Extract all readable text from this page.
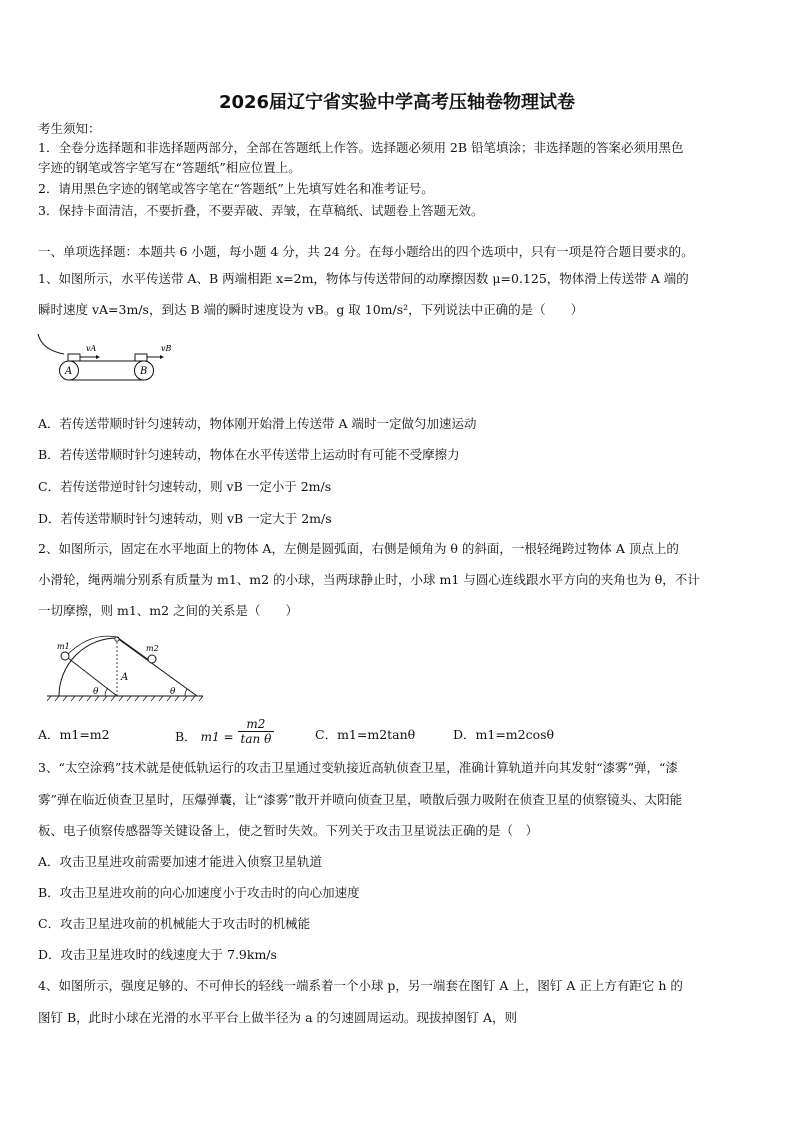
2026届辽宁省实验中学高考压轴卷物理试卷
考生须知：
1．全卷分选择题和非选择题两部分，全部在答题纸上作答。选择题必须用 2B 铅笔填涂；非选择题的答案必须用黑色
字迹的钢笔或答字笔写在“答题纸”相应位置上。
2．请用黑色字迹的钢笔或答字笔在“答题纸”上先填写姓名和准考证号。
3．保持卡面清洁，不要折叠，不要弄破、弄皱，在草稿纸、试题卷上答题无效。
一、单项选择题：本题共 6 小题，每小题 4 分，共 24 分。在每小题给出的四个选项中，只有一项是符合题目要求的。
1、如图所示，水平传送带 A、B 两端相距 x=2m，物体与传送带间的动摩擦因数 μ=0.125，物体滑上传送带 A 端的
瞬时速度 vA=3m/s，到达 B 端的瞬时速度设为 vB。g 取 10m/s²，下列说法中正确的是（　　）
vA	vB
A	B
A．若传送带顺时针匀速转动，物体刚开始滑上传送带 A 端时一定做匀加速运动
B．若传送带顺时针匀速转动，物体在水平传送带上运动时有可能不受摩擦力
C．若传送带逆时针匀速转动，则 vB 一定小于 2m/s
D．若传送带顺时针匀速转动，则 vB 一定大于 2m/s
2、如图所示，固定在水平地面上的物体 A，左侧是圆弧面，右侧是倾角为 θ 的斜面，一根轻绳跨过物体 A 顶点上的
小滑轮，绳两端分别系有质量为 m1、m2 的小球，当两球静止时，小球 m1 与圆心连线跟水平方向的夹角也为 θ，不计
一切摩擦，则 m1、m2 之间的关系是（　　）
m1	m2
A
θ	θ
A．m1=m2	B． $m1 = \frac{m2}{\text{tan θ}}$	C．m1=m2tanθ	D．m1=m2cosθ
3、“太空涂鸦”技术就是使低轨运行的攻击卫星通过变轨接近高轨侦查卫星，准确计算轨道并向其发射“漆雾”弹，“漆
雾”弹在临近侦查卫星时，压爆弹囊，让“漆雾”散开并喷向侦查卫星，喷散后强力吸附在侦查卫星的侦察镜头、太阳能
板、电子侦察传感器等关键设备上，使之暂时失效。下列关于攻击卫星说法正确的是（　）
A．攻击卫星进攻前需要加速才能进入侦察卫星轨道
B．攻击卫星进攻前的向心加速度小于攻击时的向心加速度
C．攻击卫星进攻前的机械能大于攻击时的机械能
D．攻击卫星进攻时的线速度大于 7.9km/s
4、如图所示，强度足够的、不可伸长的轻线一端系着一个小球 p，另一端套在图钉 A 上，图钉 A 正上方有距它 h 的
图钉 B，此时小球在光滑的水平平台上做半径为 a 的匀速圆周运动。现拔掉图钉 A，则
